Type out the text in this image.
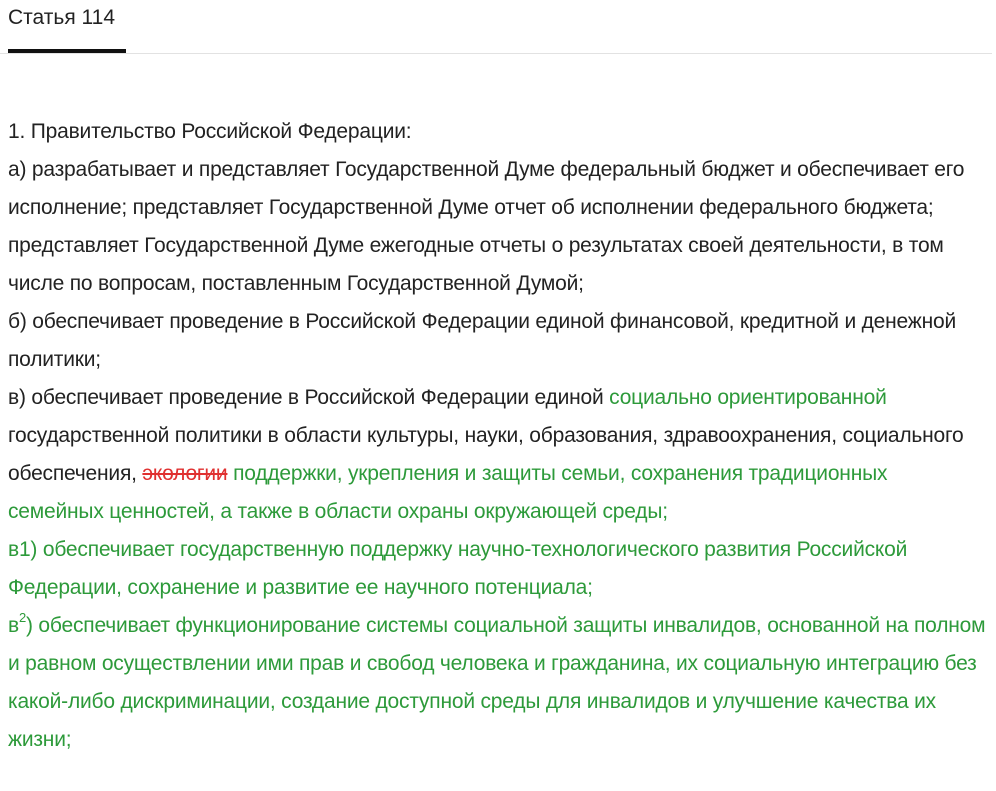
Статья 114

1. Правительство Российской Федерации:

а) разрабатывает и представляет Государственной Думе федеральный бюджет и обеспечивает его исполнение; представляет Государственной Думе отчет об исполнении федерального бюджета; представляет Государственной Думе ежегодные отчеты о результатах своей деятельности, в том числе по вопросам, поставленным Государственной Думой;

б) обеспечивает проведение в Российской Федерации единой финансовой, кредитной и денежной политики;

в) обеспечивает проведение в Российской Федерации единой социально ориентированной государственной политики в области культуры, науки, образования, здравоохранения, социального обеспечения, экологии поддержки, укрепления и защиты семьи, сохранения традиционных семейных ценностей, а также в области охраны окружающей среды;

в1) обеспечивает государственную поддержку научно-технологического развития Российской Федерации, сохранение и развитие ее научного потенциала;

$в^2$) обеспечивает функционирование системы социальной защиты инвалидов, основанной на полном и равном осуществлении ими прав и свобод человека и гражданина, их социальную интеграцию без какой-либо дискриминации, создание доступной среды для инвалидов и улучшение качества их жизни;
